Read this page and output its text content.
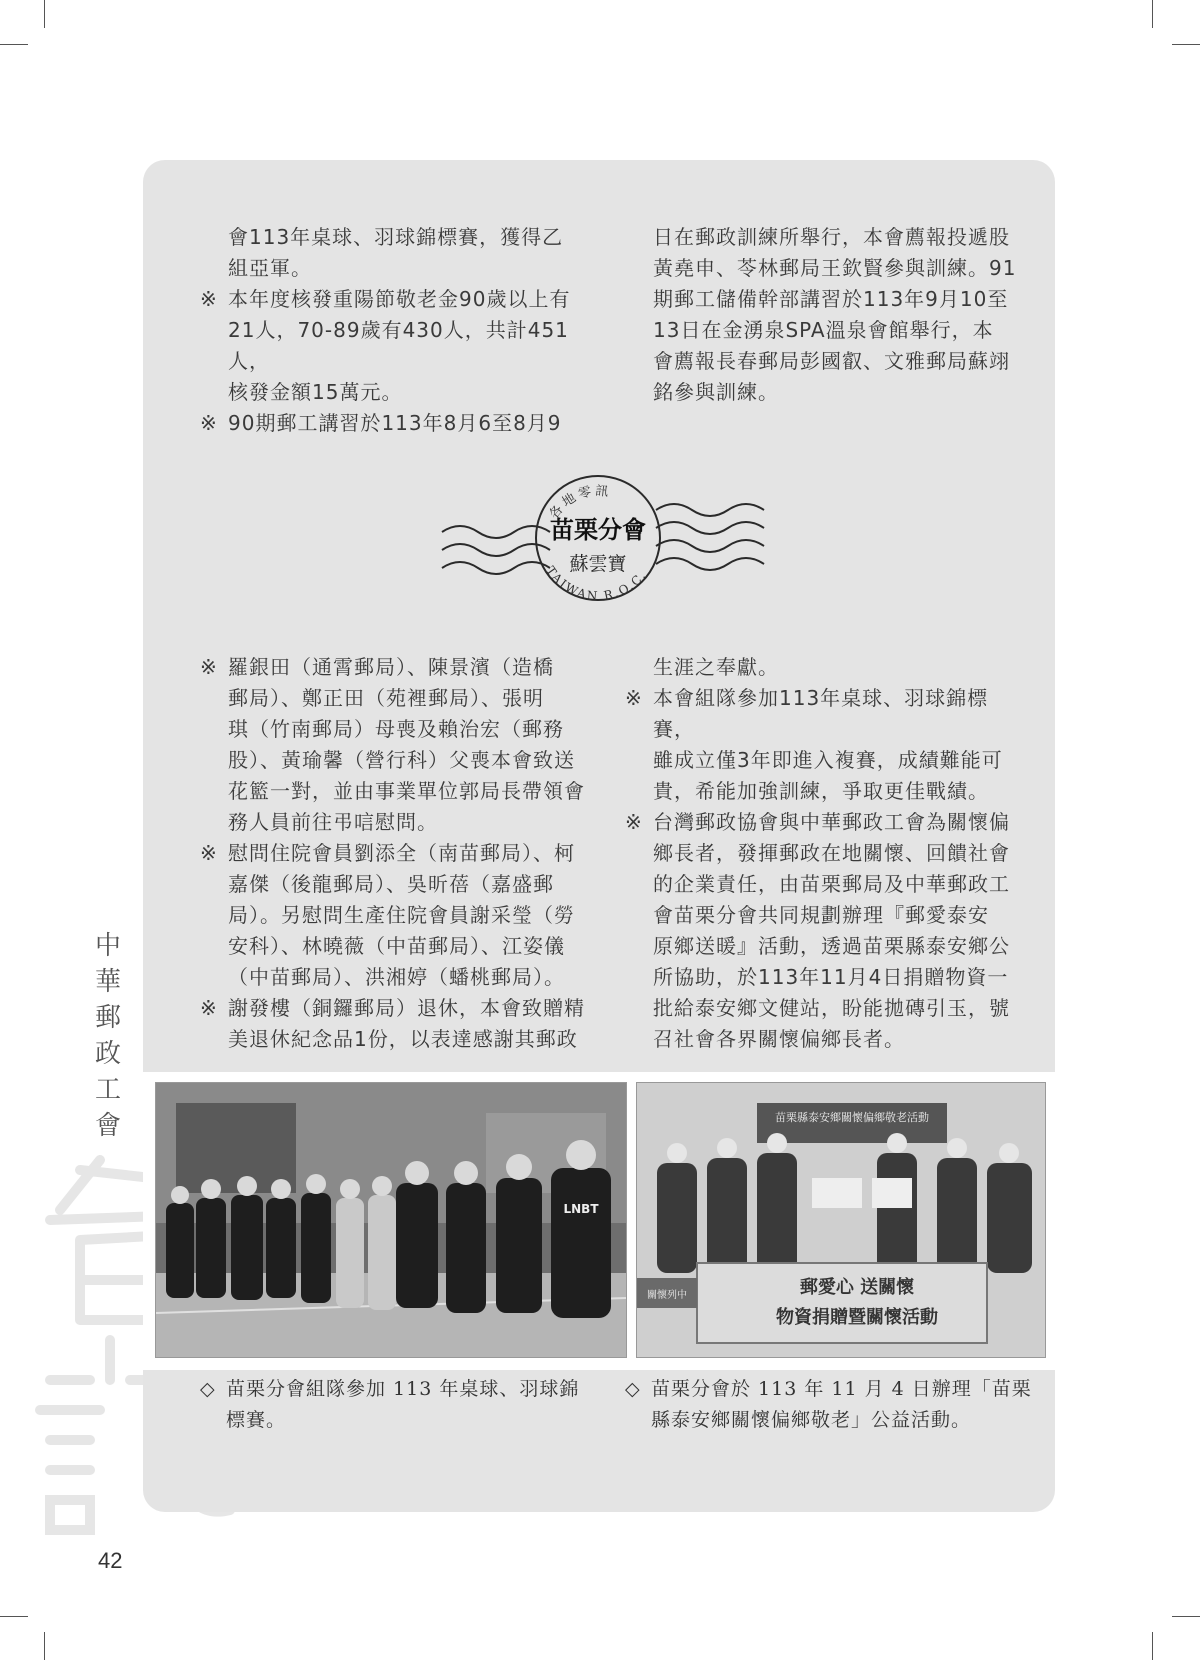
會113年桌球、羽球錦標賽，獲得乙

組亞軍。

※ 本年度核發重陽節敬老金90歲以上有
21人，70-89歲有430人，共計451人，
核發金額15萬元。
※ 90期郵工講習於113年8月6至8月9

日在郵政訓練所舉行，本會薦報投遞股

黃堯申、苓林郵局王欽賢參與訓練。91

期郵工儲備幹部講習於113年9月10至

13日在金湧泉SPA溫泉會館舉行，本

會薦報長春郵局彭國叡、文雅郵局蘇翊

銘參與訓練。

各地零訊
TAIWAN R.O.C.
苗栗分會
蘇雲寶
※ 羅銀田（通霄郵局）、陳景濱（造橋
郵局）、鄭正田（苑裡郵局）、張明
琪（竹南郵局）母喪及賴治宏（郵務
股）、黃瑜馨（營行科）父喪本會致送
花籃一對，並由事業單位郭局長帶領會
務人員前往弔唁慰問。
※ 慰問住院會員劉添全（南苗郵局）、柯
嘉傑（後龍郵局）、吳昕蓓（嘉盛郵
局）。另慰問生產住院會員謝采瑩（勞
安科）、林曉薇（中苗郵局）、江姿儀
（中苗郵局）、洪湘婷（蟠桃郵局）。
※ 謝發樓（銅鑼郵局）退休，本會致贈精
美退休紀念品1份，以表達感謝其郵政

生涯之奉獻。

※ 本會組隊參加113年桌球、羽球錦標賽，
雖成立僅3年即進入複賽，成績難能可
貴，希能加強訓練，爭取更佳戰績。
※ 台灣郵政協會與中華郵政工會為關懷偏
鄉長者，發揮郵政在地關懷、回饋社會
的企業責任，由苗栗郵局及中華郵政工
會苗栗分會共同規劃辦理『郵愛泰安
原鄉送暖』活動，透過苗栗縣泰安鄉公
所協助，於113年11月4日捐贈物資一
批給泰安鄉文健站，盼能拋磚引玉，號
召社會各界關懷偏鄉長者。
LNBT
苗栗縣泰安鄉關懷偏鄉敬老活動
關懷列中	郵愛心 送關懷
物資捐贈暨關懷活動
◇ 苗栗分會組隊參加 113 年桌球、羽球錦
標賽。
◇ 苗栗分會於 113 年 11 月 4 日辦理「苗栗
縣泰安鄉關懷偏鄉敬老」公益活動。
中華郵政工會
42
